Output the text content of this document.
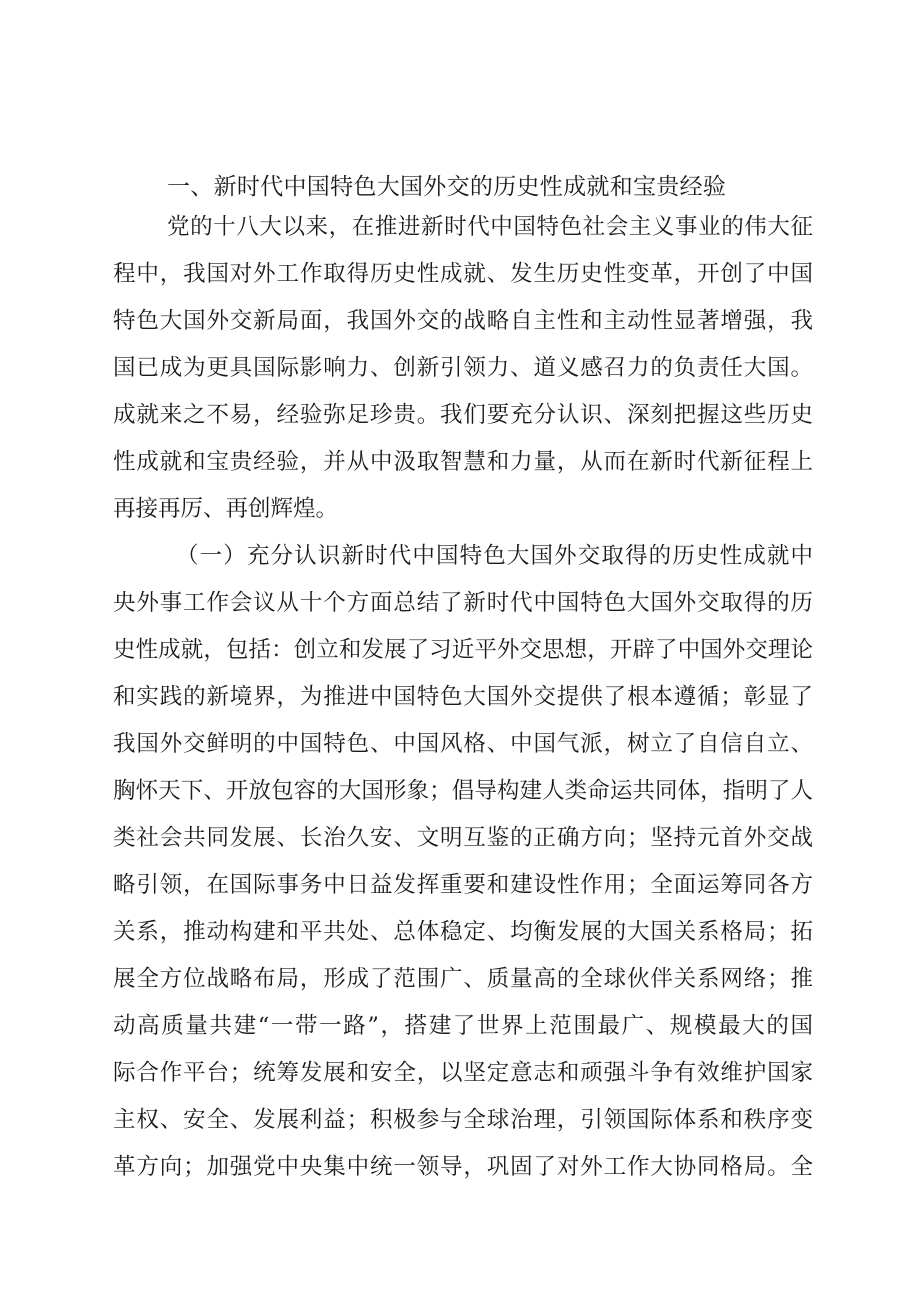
一、新时代中国特色大国外交的历史性成就和宝贵经验

党的十八大以来，在推进新时代中国特色社会主义事业的伟大征

程中，我国对外工作取得历史性成就、发生历史性变革，开创了中国

特色大国外交新局面，我国外交的战略自主性和主动性显著增强，我

国已成为更具国际影响力、创新引领力、道义感召力的负责任大国。

成就来之不易，经验弥足珍贵。我们要充分认识、深刻把握这些历史

性成就和宝贵经验，并从中汲取智慧和力量，从而在新时代新征程上

再接再厉、再创辉煌。

（一）充分认识新时代中国特色大国外交取得的历史性成就中

央外事工作会议从十个方面总结了新时代中国特色大国外交取得的历

史性成就，包括：创立和发展了习近平外交思想，开辟了中国外交理论

和实践的新境界，为推进中国特色大国外交提供了根本遵循；彰显了

我国外交鲜明的中国特色、中国风格、中国气派，树立了自信自立、

胸怀天下、开放包容的大国形象；倡导构建人类命运共同体，指明了人

类社会共同发展、长治久安、文明互鉴的正确方向；坚持元首外交战

略引领，在国际事务中日益发挥重要和建设性作用；全面运筹同各方

关系，推动构建和平共处、总体稳定、均衡发展的大国关系格局；拓

展全方位战略布局，形成了范围广、质量高的全球伙伴关系网络；推

动高质量共建“一带一路”，搭建了世界上范围最广、规模最大的国

际合作平台；统筹发展和安全，以坚定意志和顽强斗争有效维护国家

主权、安全、发展利益；积极参与全球治理，引领国际体系和秩序变

革方向；加强党中央集中统一领导，巩固了对外工作大协同格局。全
